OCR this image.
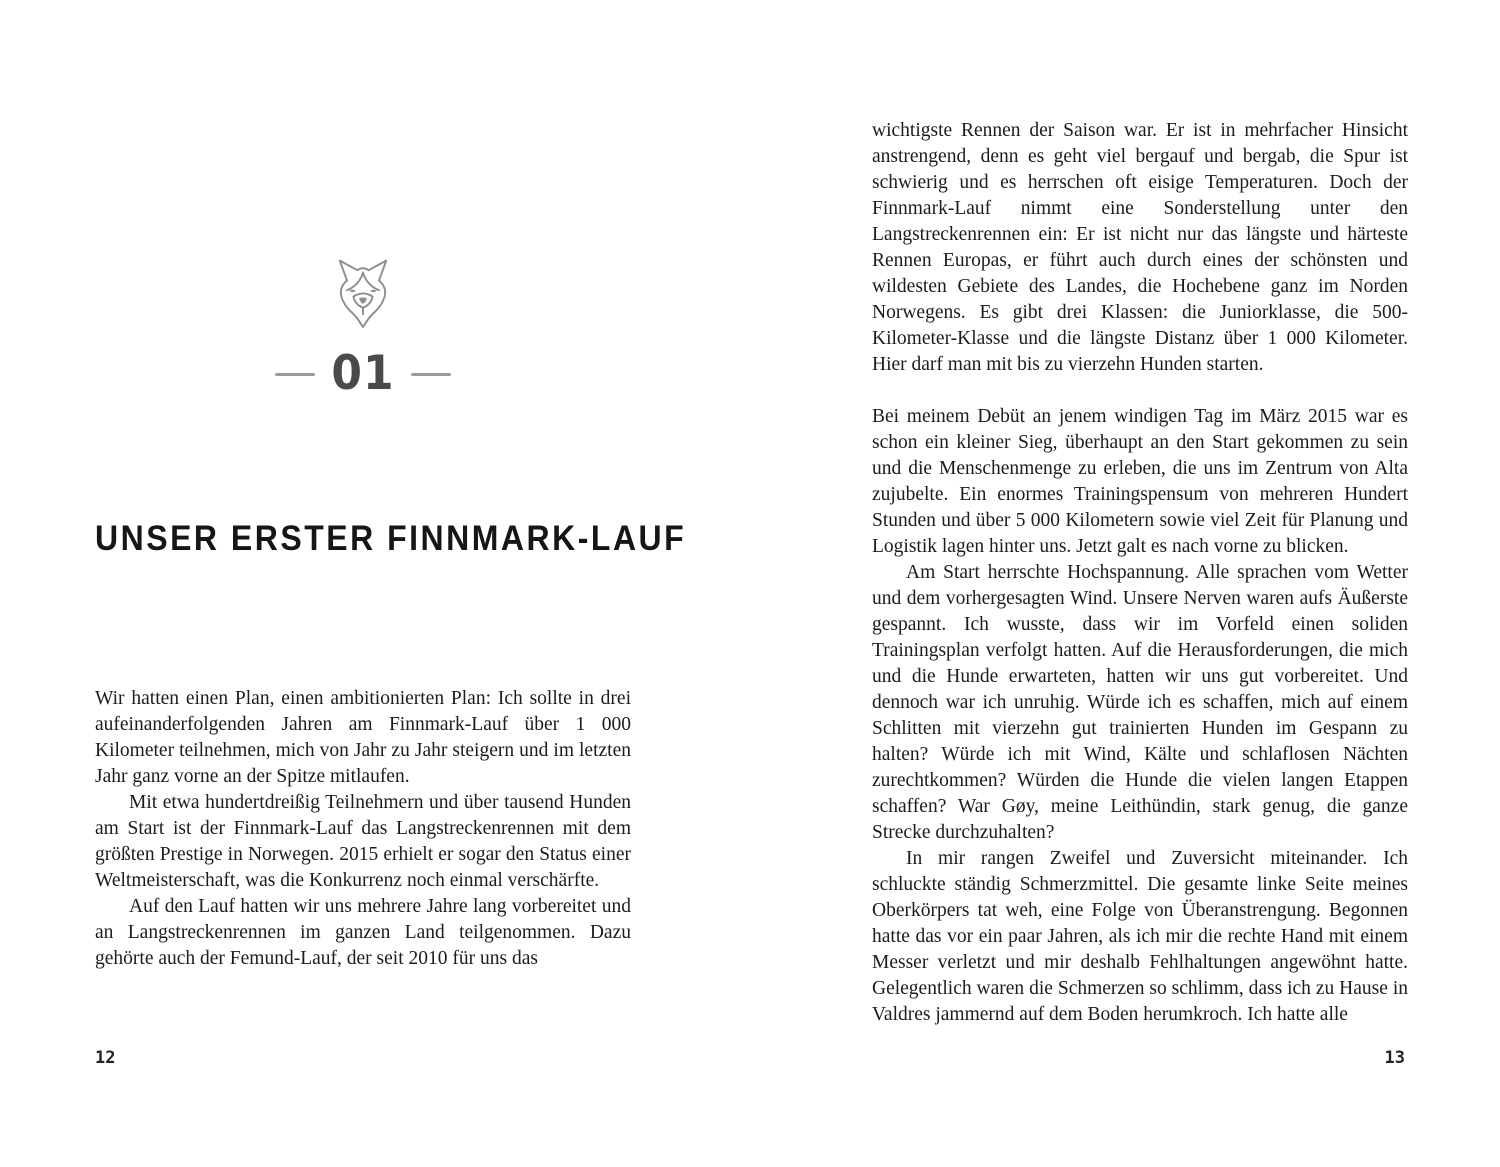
01
UNSER ERSTER FINNMARK-LAUF

Wir hatten einen Plan, einen ambitionierten Plan: Ich sollte in drei aufeinanderfolgenden Jahren am Finnmark-Lauf über 1 000 Kilometer teilnehmen, mich von Jahr zu Jahr steigern und im letzten Jahr ganz vorne an der Spitze mitlaufen.

Mit etwa hundertdreißig Teilnehmern und über tausend Hunden am Start ist der Finnmark-Lauf das Langstreckenrennen mit dem größten Prestige in Norwegen. 2015 erhielt er sogar den Status einer Weltmeisterschaft, was die Konkurrenz noch einmal verschärfte.

Auf den Lauf hatten wir uns mehrere Jahre lang vorbereitet und an Langstreckenrennen im ganzen Land teilgenommen. Dazu gehörte auch der Femund-Lauf, der seit 2010 für uns das

12

wichtigste Rennen der Saison war. Er ist in mehrfacher Hinsicht anstrengend, denn es geht viel bergauf und bergab, die Spur ist schwierig und es herrschen oft eisige Temperaturen. Doch der Finnmark-Lauf nimmt eine Sonderstellung unter den Langstreckenrennen ein: Er ist nicht nur das längste und härteste Rennen Europas, er führt auch durch eines der schönsten und wildesten Gebiete des Landes, die Hochebene ganz im Norden Norwegens. Es gibt drei Klassen: die Juniorklasse, die 500-Kilometer-Klasse und die längste Distanz über 1 000 Kilometer. Hier darf man mit bis zu vierzehn Hunden starten.

Bei meinem Debüt an jenem windigen Tag im März 2015 war es schon ein kleiner Sieg, überhaupt an den Start gekommen zu sein und die Menschenmenge zu erleben, die uns im Zentrum von Alta zujubelte. Ein enormes Trainingspensum von mehreren Hundert Stunden und über 5 000 Kilometern sowie viel Zeit für Planung und Logistik lagen hinter uns. Jetzt galt es nach vorne zu blicken.

Am Start herrschte Hochspannung. Alle sprachen vom Wetter und dem vorhergesagten Wind. Unsere Nerven waren aufs Äußerste gespannt. Ich wusste, dass wir im Vorfeld einen soliden Trainingsplan verfolgt hatten. Auf die Herausforderungen, die mich und die Hunde erwarteten, hatten wir uns gut vorbereitet. Und dennoch war ich unruhig. Würde ich es schaffen, mich auf einem Schlitten mit vierzehn gut trainierten Hunden im Gespann zu halten? Würde ich mit Wind, Kälte und schlaflosen Nächten zurechtkommen? Würden die Hunde die vielen langen Etappen schaffen? War Gøy, meine Leithündin, stark genug, die ganze Strecke durchzuhalten?

In mir rangen Zweifel und Zuversicht miteinander. Ich schluckte ständig Schmerzmittel. Die gesamte linke Seite meines Oberkörpers tat weh, eine Folge von Überanstrengung. Begonnen hatte das vor ein paar Jahren, als ich mir die rechte Hand mit einem Messer verletzt und mir deshalb Fehlhaltungen angewöhnt hatte. Gelegentlich waren die Schmerzen so schlimm, dass ich zu Hause in Valdres jammernd auf dem Boden herumkroch. Ich hatte alle

13
